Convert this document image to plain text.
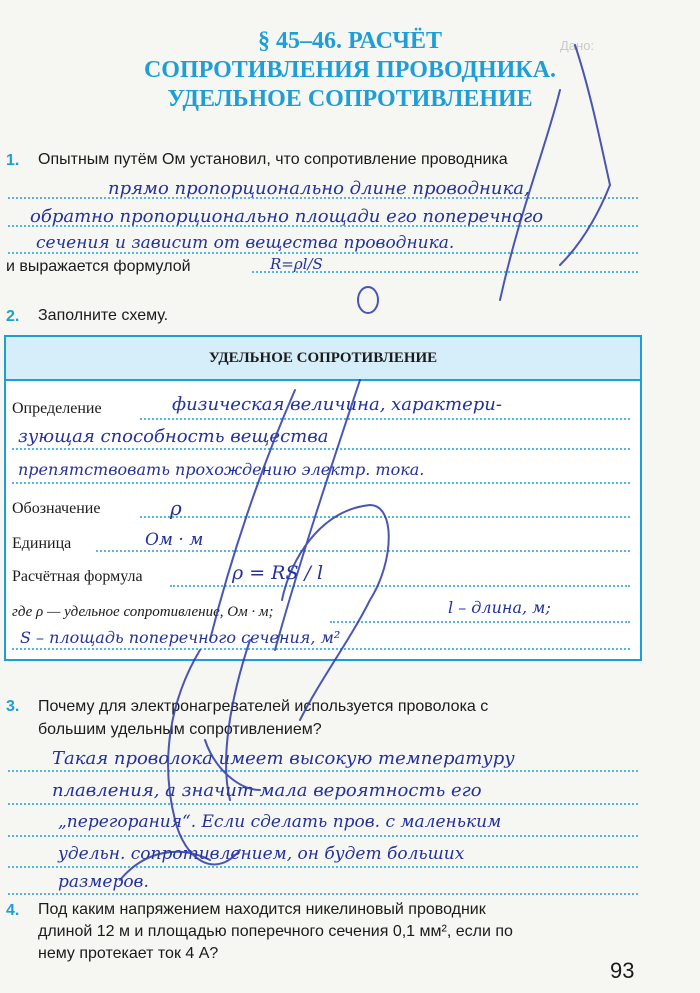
Дано:
§ 45–46. РАСЧЁТ
СОПРОТИВЛЕНИЯ ПРОВОДНИКА.
УДЕЛЬНОЕ СОПРОТИВЛЕНИЕ
1. Опытным путём Ом установил, что сопротивление проводника
прямо пропорционально длине проводника,
обратно пропорционально площади его поперечного
сечения и зависит от вещества проводника.
и выражается формулой	R=ρl/S
2. Заполните схему.
УДЕЛЬНОЕ СОПРОТИВЛЕНИЕ
Определение	физическая величина, характери-
зующая способность вещества
препятствовать прохождению электр. тока.
Обозначение	ρ
Единица	Ом · м
Расчётная формула	ρ = RS / l
где ρ — удельное сопротивление, Ом · м;	l – длина, м;
S – площадь поперечного сечения, м²
3. Почему для электронагревателей используется проволока с
большим удельным сопротивлением?
Такая проволока имеет высокую температуру
плавления, а значит мала вероятность его
„перегорания“. Если сделать пров. с маленьким
удельн. сопротивлением, он будет больших
размеров.
4. Под каким напряжением находится никелиновый проводник
длиной 12 м и площадью поперечного сечения 0,1 мм², если по
нему протекает ток 4 А?
93
